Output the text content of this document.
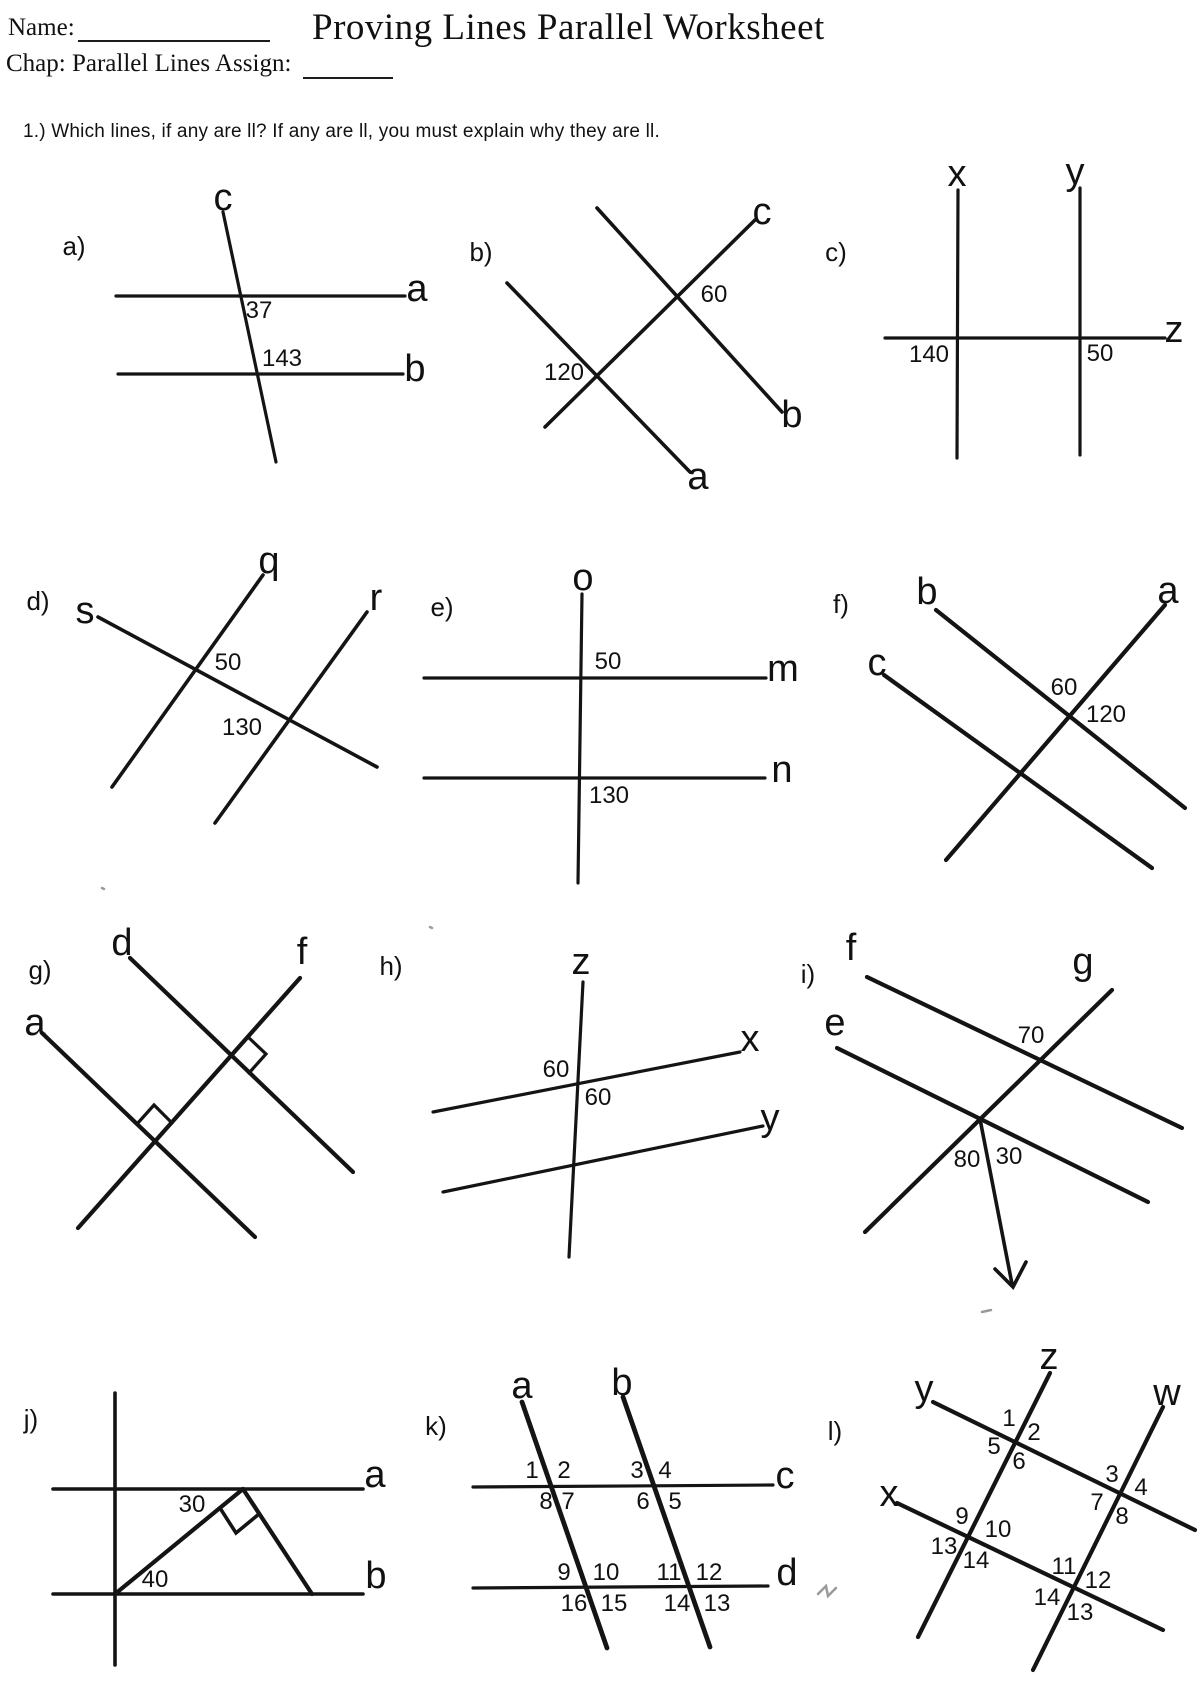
Name:	Proving Lines Parallel Worksheet
Chap: Parallel Lines Assign:
1.) Which lines, if any are ll? If any are ll, you must explain why they are ll.
a)	b)	c)
d)	e)	f)
g)	h)	i)
j)	k)	l)
c
a
b
c
b
a
x	y
z
s
q
r	o
m
n
b	a
c
d	f
a
z
x
y
f	g
e
a
b
a b
c
d
y
z
w
x
37
143
60
120
140	50
50
130
50
130
60
120
60
60
70
80 30
30
40
1 2
8 7
3 4
6 5
9 10
16 15
11 12
14 13
1
2
5
6	3 4
7
8
9 10
13
14	11
12
14
13
